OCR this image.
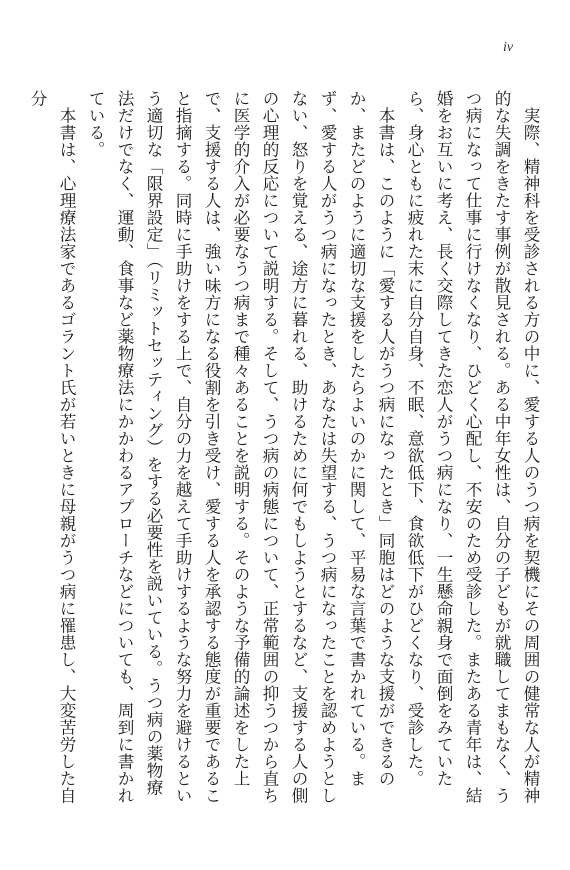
iv

実際、精神科を受診される方の中に、愛する人のうつ病を契機にその周囲の健常な人が精神的な失調をきたす事例が散見される。ある中年女性は、自分の子どもが就職してまもなく、うつ病になって仕事に行けなくなり、ひどく心配し、不安のため受診した。またある青年は、結婚をお互いに考え、長く交際してきた恋人がうつ病になり、一生懸命親身で面倒をみていたら、身心ともに疲れた末に自分自身、不眠、意欲低下、食欲低下がひどくなり、受診した。

本書は、このように「愛する人がうつ病になったとき」同胞はどのような支援ができるのか、またどのように適切な支援をしたらよいのかに関して、平易な言葉で書かれている。まず、愛する人がうつ病になったとき、あなたは失望する、うつ病になったことを認めようとしない、怒りを覚える、途方に暮れる、助けるために何でもしようとするなど、支援する人の側の心理的反応について説明する。そして、うつ病の病態について、正常範囲の抑うつから直ちに医学的介入が必要なうつ病まで種々あることを説明する。そのような予備的論述をした上で、支援する人は、強い味方になる役割を引き受け、愛する人を承認する態度が重要であること指摘する。同時に手助けをする上で、自分の力を越えて手助けするような努力を避けるという適切な「限界設定」（リミットセッティング）をする必要性を説いている。うつ病の薬物療法だけでなく、運動、食事など薬物療法にかかわるアプローチなどについても、周到に書かれている。

本書は、心理療法家であるゴラント氏が若いときに母親がうつ病に罹患し、大変苦労した自分
